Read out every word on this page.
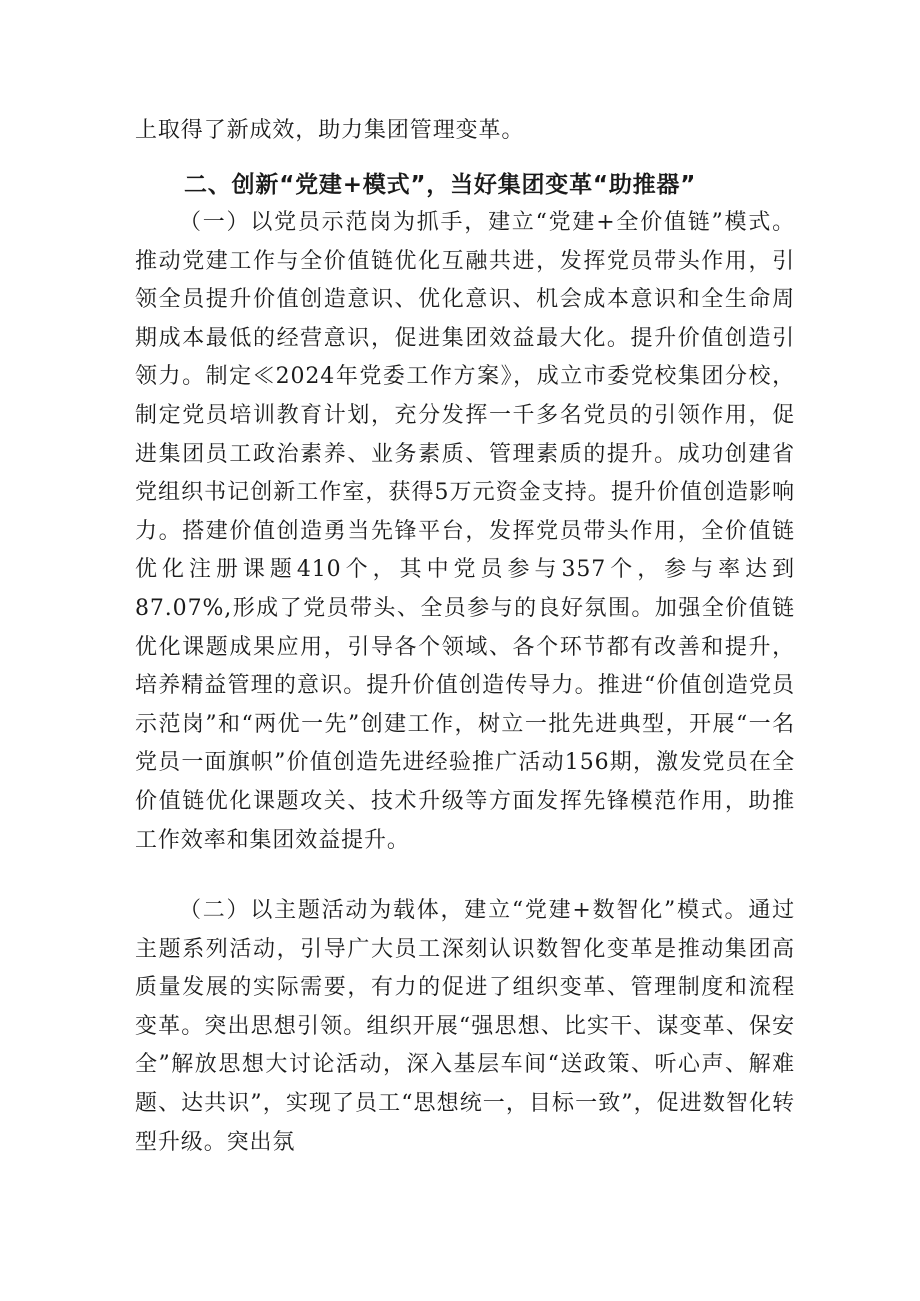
上取得了新成效，助力集团管理变革。

二、创新“党建+模式”，当好集团变革“助推器”

（一）以党员示范岗为抓手，建立“党建+全价值链”模式。推动党建工作与全价值链优化互融共进，发挥党员带头作用，引领全员提升价值创造意识、优化意识、机会成本意识和全生命周期成本最低的经营意识，促进集团效益最大化。提升价值创造引领力。制定≪2024年党委工作方案》，成立市委党校集团分校，制定党员培训教育计划，充分发挥一千多名党员的引领作用，促进集团员工政治素养、业务素质、管理素质的提升。成功创建省党组织书记创新工作室，获得5万元资金支持。提升价值创造影响力。搭建价值创造勇当先锋平台，发挥党员带头作用，全价值链优化注册课题410个，其中党员参与357个，参与率达到87.07%,形成了党员带头、全员参与的良好氛围。加强全价值链优化课题成果应用，引导各个领域、各个环节都有改善和提升，培养精益管理的意识。提升价值创造传导力。推进“价值创造党员示范岗”和“两优一先”创建工作，树立一批先进典型，开展“一名党员一面旗帜”价值创造先进经验推广活动156期，激发党员在全价值链优化课题攻关、技术升级等方面发挥先锋模范作用，助推工作效率和集团效益提升。

（二）以主题活动为载体，建立“党建+数智化”模式。通过主题系列活动，引导广大员工深刻认识数智化变革是推动集团高质量发展的实际需要，有力的促进了组织变革、管理制度和流程变革。突出思想引领。组织开展“强思想、比实干、谋变革、保安全”解放思想大讨论活动，深入基层车间“送政策、听心声、解难题、达共识”，实现了员工“思想统一，目标一致”，促进数智化转型升级。突出氛
